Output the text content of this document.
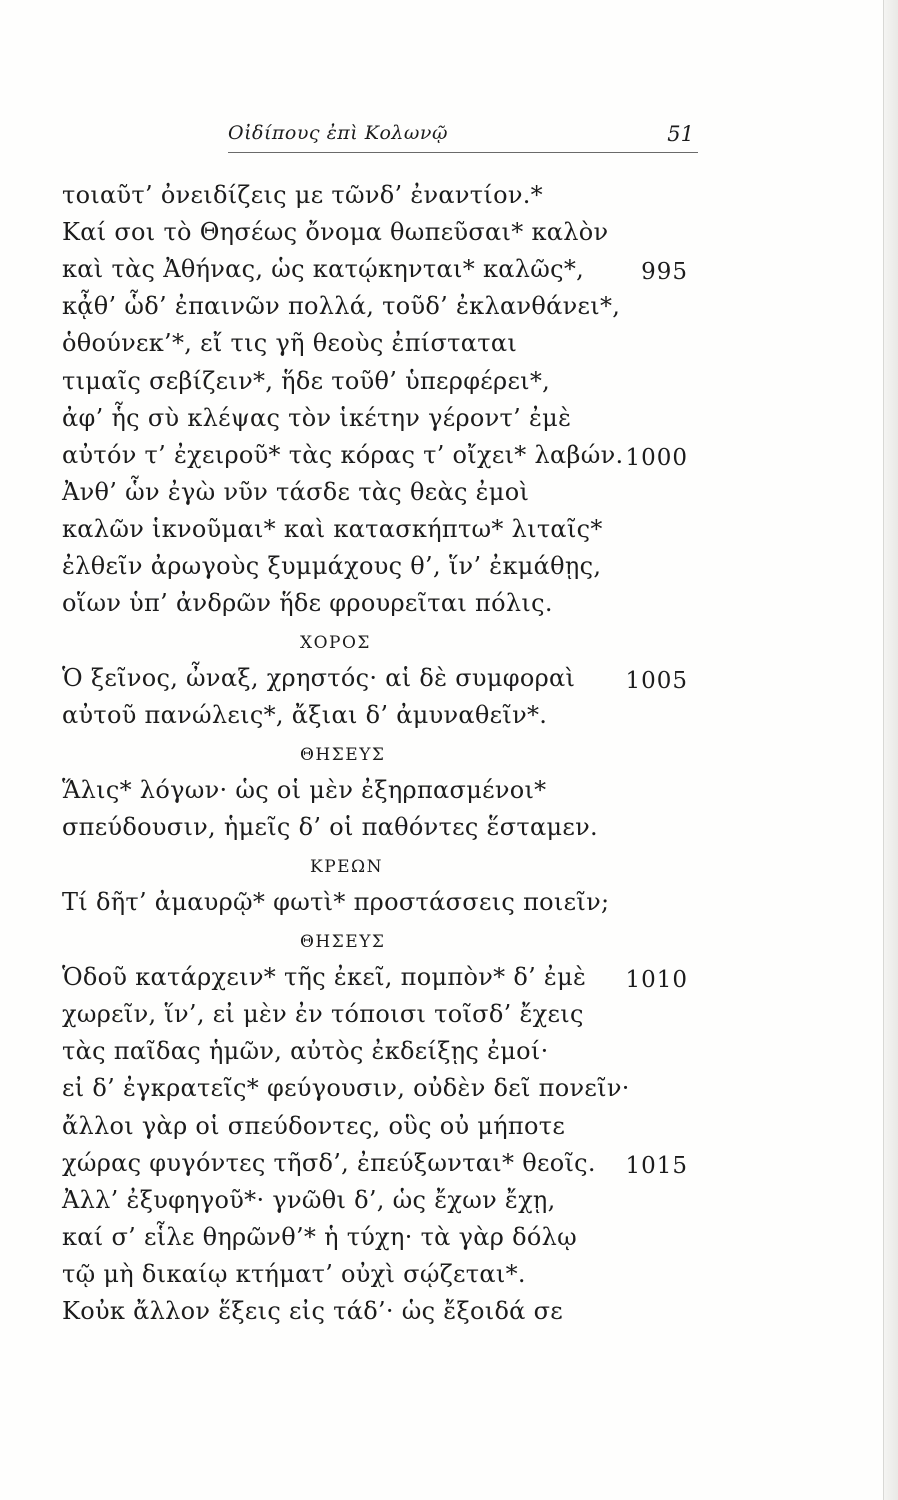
Οἰδίπους ἐπὶ Κολωνῷ	51
τοιαῦτ’ ὀνειδίζεις με τῶνδ’ ἐναντίον.*
Καί σοι τὸ Θησέως ὄνομα θωπεῦσαι* καλὸν
καὶ τὰς Ἀθήνας, ὡς κατῴκηνται* καλῶς*, 995
κᾆθ’ ὧδ’ ἐπαινῶν πολλά, τοῦδ’ ἐκλανθάνει*,
ὁθούνεκ’*, εἴ τις γῆ θεοὺς ἐπίσταται
τιμαῖς σεβίζειν*, ἥδε τοῦθ’ ὑπερφέρει*,
ἀφ’ ἧς σὺ κλέψας τὸν ἱκέτην γέροντ’ ἐμὲ
αὐτόν τ’ ἐχειροῦ* τὰς κόρας τ’ οἴχει* λαβών. 1000
Ἀνθ’ ὧν ἐγὼ νῦν τάσδε τὰς θεὰς ἐμοὶ
καλῶν ἱκνοῦμαι* καὶ κατασκήπτω* λιταῖς*
ἐλθεῖν ἀρωγοὺς ξυμμάχους θ’, ἵν’ ἐκμάθῃς,
οἵων ὑπ’ ἀνδρῶν ἥδε φρουρεῖται πόλις.
ΧΟΡΟΣ
Ὁ ξεῖνος, ὦναξ, χρηστός· αἱ δὲ συμφοραὶ 1005
αὐτοῦ πανώλεις*, ἄξιαι δ’ ἀμυναθεῖν*.
ΘΗΣΕΥΣ
Ἅλις* λόγων· ὡς οἱ μὲν ἐξηρπασμένοι*
σπεύδουσιν, ἡμεῖς δ’ οἱ παθόντες ἕσταμεν.
ΚΡΕΩΝ
Τί δῆτ’ ἀμαυρῷ* φωτὶ* προστάσσεις ποιεῖν;
ΘΗΣΕΥΣ
Ὁδοῦ κατάρχειν* τῆς ἐκεῖ, πομπὸν* δ’ ἐμὲ 1010
χωρεῖν, ἵν’, εἰ μὲν ἐν τόποισι τοῖσδ’ ἔχεις
τὰς παῖδας ἡμῶν, αὐτὸς ἐκδείξῃς ἐμοί·
εἰ δ’ ἐγκρατεῖς* φεύγουσιν, οὐδὲν δεῖ πονεῖν·
ἄλλοι γὰρ οἱ σπεύδοντες, οὓς οὐ μήποτε
χώρας φυγόντες τῆσδ’, ἐπεύξωνται* θεοῖς. 1015
Ἀλλ’ ἐξυφηγοῦ*· γνῶθι δ’, ὡς ἔχων ἔχῃ,
καί σ’ εἷλε θηρῶνθ’* ἡ τύχη· τὰ γὰρ δόλῳ
τῷ μὴ δικαίῳ κτήματ’ οὐχὶ σῴζεται*.
Κοὐκ ἄλλον ἕξεις εἰς τάδ’· ὡς ἔξοιδά σε
